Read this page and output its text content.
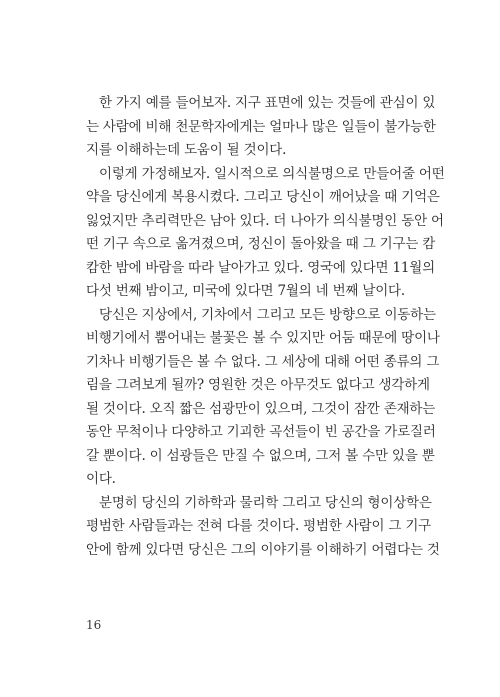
한 가지 예를 들어보자. 지구 표면에 있는 것들에 관심이 있
는 사람에 비해 천문학자에게는 얼마나 많은 일들이 불가능한
지를 이해하는데 도움이 될 것이다.
이렇게 가정해보자. 일시적으로 의식불명으로 만들어줄 어떤
약을 당신에게 복용시켰다. 그리고 당신이 깨어났을 때 기억은
잃었지만 추리력만은 남아 있다. 더 나아가 의식불명인 동안 어
떤 기구 속으로 옮겨졌으며, 정신이 돌아왔을 때 그 기구는 캄
캄한 밤에 바람을 따라 날아가고 있다. 영국에 있다면 11월의
다섯 번째 밤이고, 미국에 있다면 7월의 네 번째 날이다.
당신은 지상에서, 기차에서 그리고 모든 방향으로 이동하는
비행기에서 뿜어내는 불꽃은 볼 수 있지만 어둠 때문에 땅이나
기차나 비행기들은 볼 수 없다. 그 세상에 대해 어떤 종류의 그
림을 그려보게 될까? 영원한 것은 아무것도 없다고 생각하게
될 것이다. 오직 짧은 섬광만이 있으며, 그것이 잠깐 존재하는
동안 무척이나 다양하고 기괴한 곡선들이 빈 공간을 가로질러
갈 뿐이다. 이 섬광들은 만질 수 없으며, 그저 볼 수만 있을 뿐
이다.
분명히 당신의 기하학과 물리학 그리고 당신의 형이상학은
평범한 사람들과는 전혀 다를 것이다. 평범한 사람이 그 기구
안에 함께 있다면 당신은 그의 이야기를 이해하기 어렵다는 것
16
